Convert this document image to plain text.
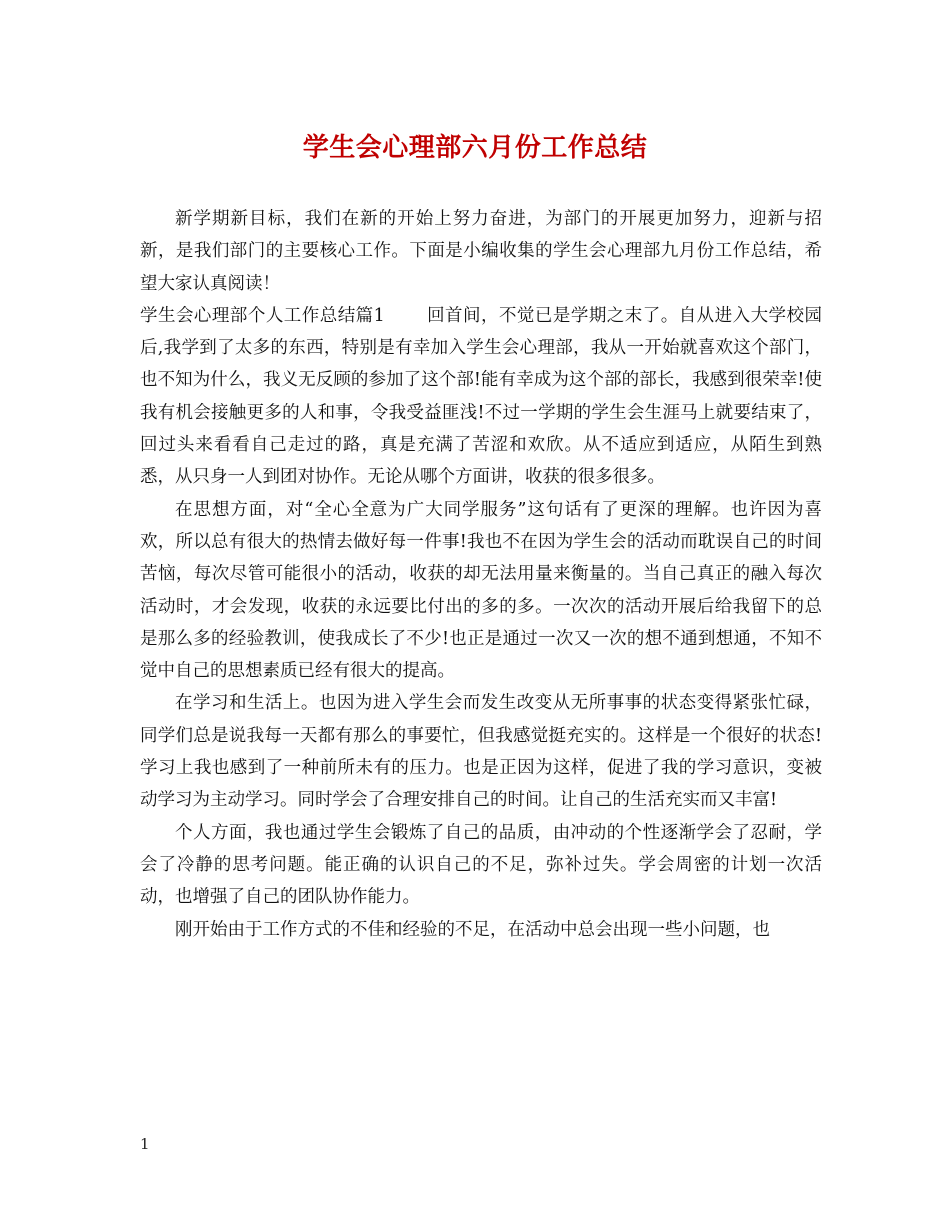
学生会心理部六月份工作总结

新学期新目标，我们在新的开始上努力奋进，为部门的开展更加努力，迎新与招新，是我们部门的主要核心工作。下面是小编收集的学生会心理部九月份工作总结，希望大家认真阅读！

学生会心理部个人工作总结篇1 回首间，不觉已是学期之末了。自从进入大学校园后,我学到了太多的东西，特别是有幸加入学生会心理部，我从一开始就喜欢这个部门，也不知为什么，我义无反顾的参加了这个部!能有幸成为这个部的部长，我感到很荣幸!使我有机会接触更多的人和事，令我受益匪浅!不过一学期的学生会生涯马上就要结束了，回过头来看看自己走过的路，真是充满了苦涩和欢欣。从不适应到适应，从陌生到熟悉，从只身一人到团对协作。无论从哪个方面讲，收获的很多很多。

在思想方面，对“全心全意为广大同学服务”这句话有了更深的理解。也许因为喜欢，所以总有很大的热情去做好每一件事!我也不在因为学生会的活动而耽误自己的时间苦恼，每次尽管可能很小的活动，收获的却无法用量来衡量的。当自己真正的融入每次活动时，才会发现，收获的永远要比付出的多的多。一次次的活动开展后给我留下的总是那么多的经验教训，使我成长了不少!也正是通过一次又一次的想不通到想通，不知不觉中自己的思想素质已经有很大的提高。

在学习和生活上。也因为进入学生会而发生改变从无所事事的状态变得紧张忙碌，同学们总是说我每一天都有那么的事要忙，但我感觉挺充实的。这样是一个很好的状态!学习上我也感到了一种前所未有的压力。也是正因为这样，促进了我的学习意识，变被动学习为主动学习。同时学会了合理安排自己的时间。让自己的生活充实而又丰富!

个人方面，我也通过学生会锻炼了自己的品质，由冲动的个性逐渐学会了忍耐，学会了冷静的思考问题。能正确的认识自己的不足，弥补过失。学会周密的计划一次活动，也增强了自己的团队协作能力。

刚开始由于工作方式的不佳和经验的不足，在活动中总会出现一些小问题，也

1
